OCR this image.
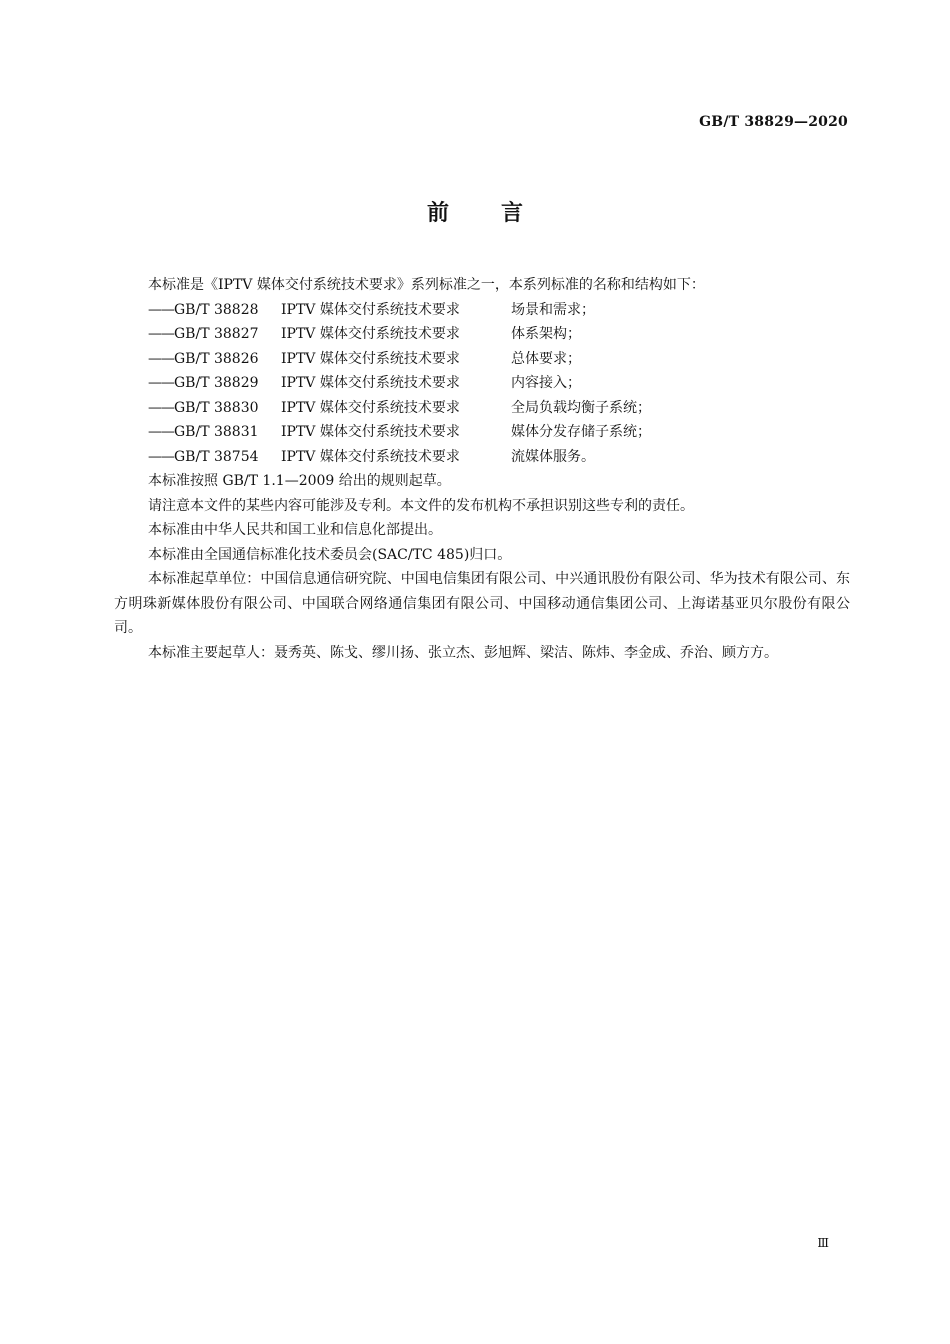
GB/T 38829—2020
前言

本标准是《IPTV 媒体交付系统技术要求》系列标准之一，本系列标准的名称和结构如下：

——GB/T 38828 IPTV 媒体交付系统技术要求	场景和需求；
——GB/T 38827 IPTV 媒体交付系统技术要求	体系架构；
——GB/T 38826 IPTV 媒体交付系统技术要求	总体要求；
——GB/T 38829 IPTV 媒体交付系统技术要求	内容接入；
——GB/T 38830 IPTV 媒体交付系统技术要求	全局负载均衡子系统；
——GB/T 38831 IPTV 媒体交付系统技术要求	媒体分发存储子系统；
——GB/T 38754 IPTV 媒体交付系统技术要求	流媒体服务。

本标准按照 GB/T 1.1—2009 给出的规则起草。

请注意本文件的某些内容可能涉及专利。本文件的发布机构不承担识别这些专利的责任。

本标准由中华人民共和国工业和信息化部提出。

本标准由全国通信标准化技术委员会(SAC/TC 485)归口。

本标准起草单位：中国信息通信研究院、中国电信集团有限公司、中兴通讯股份有限公司、华为技术有限公司、东方明珠新媒体股份有限公司、中国联合网络通信集团有限公司、中国移动通信集团公司、上海诺基亚贝尔股份有限公司。

本标准主要起草人：聂秀英、陈戈、缪川扬、张立杰、彭旭辉、梁洁、陈炜、李金成、乔治、顾方方。

Ⅲ
